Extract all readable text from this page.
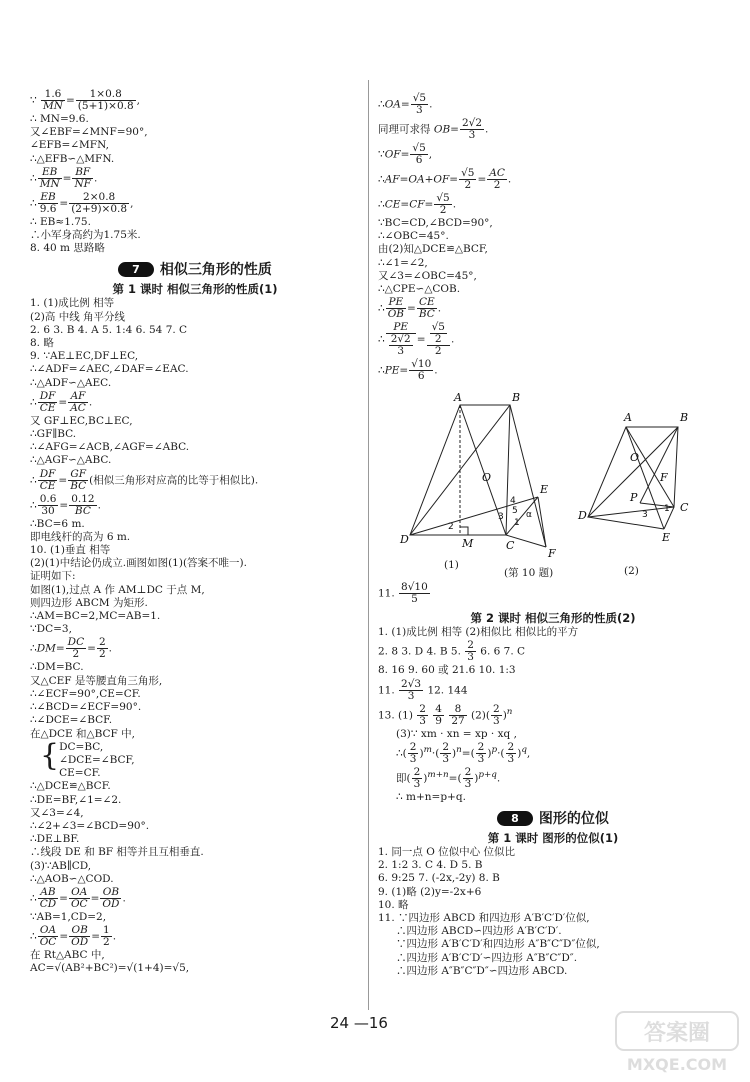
∵ $\frac{1.6}{MN} = \frac{1\times 0.8}{(5+1)\times 0.8}$ ,
∴ MN=9.6.
又∠EBF=∠MNF=90°,
∠EFB=∠MFN,
∴△EFB∽△MFN.
∴ $\frac{EB}{MN} = \frac{BF}{NF}$ .
∴ $\frac{EB}{9.6} = \frac{2\times 0.8}{(2+9)\times 0.8}$ ,
∴ EB≈1.75.
∴小军身高约为1.75米.
8. 40 m 思路略
7	相似三角形的性质
第 1 课时 相似三角形的性质(1)
1. (1)成比例 相等
(2)高 中线 角平分线
2. 6 3. B 4. A 5. 1:4 6. 54 7. C
8. 略
9. ∵AE⊥EC,DF⊥EC,
∴∠ADF=∠AEC,∠DAF=∠EAC.
∴△ADF∽△AEC.
∴ $\frac{DF}{CE} = \frac{AF}{AC}$ .
又 GF⊥EC,BC⊥EC,
∴GF∥BC.
∴∠AFG=∠ACB,∠AGF=∠ABC.
∴△AGF∽△ABC.
∴ $\frac{DF}{CE} = \frac{GF}{BC}$ (相似三角形对应高的比等于相似比).
∴ $\frac{0.6}{30} = \frac{0.12}{BC}$ .
∴BC=6 m.
即电线杆的高为 6 m.
10. (1)垂直 相等
(2)(1)中结论仍成立.画图如图(1)(答案不唯一).
证明如下:
如图(1),过点 A 作 AM⊥DC 于点 M,
则四边形 ABCM 为矩形.
∴AM=BC=2,MC=AB=1.
∵DC=3,
∴DM= $\frac{DC}{2} = \frac{2}{2}$ .
∴DM=BC.
又△CEF 是等腰直角三角形,
∴∠ECF=90°,CE=CF.
∴∠BCD=∠ECF=90°.
∴∠DCE=∠BCF.
在△DCE 和△BCF 中,
{ DC=BC,
∠DCE=∠BCF,
CE=CF.
∴△DCE≌△BCF.
∴DE=BF,∠1=∠2.
又∠3=∠4,
∴∠2+∠3=∠BCD=90°.
∴DE⊥BF.
∴线段 DE 和 BF 相等并且互相垂直.
(3)∵AB∥CD,
∴△AOB∽△COD.
∴ $\frac{AB}{CD} = \frac{OA}{OC} = \frac{OB}{OD}$ .
∵AB=1,CD=2,
∴ $\frac{OA}{OC} = \frac{OB}{OD} = \frac{1}{2}$ .
在 Rt△ABC 中,
AC=√(AB²+BC²)=√(1+4)=√5,
∴OA= $\frac{√5}{3}$ .
同理可求得 $OB= \frac{2√2}{3}$ .
∵OF= $\frac{√5}{6}$ ,
∴AF=OA+OF= $\frac{√5}{2} = \frac{AC}{2}$ .
∴CE=CF= $\frac{√5}{2}$ .
∵BC=CD,∠BCD=90°,
∴∠OBC=45°.
由(2)知△DCE≌△BCF,
∴∠1=∠2,
又∠3=∠OBC=45°,
∴△CPE∽△COB.
∴ $\frac{PE}{OB} = \frac{CE}{BC}$ .
∴ $\frac{PE}{\frac{2√2}{3}} = \frac{\frac{√5}{2}}{2}$ .
∴PE= $\frac{√10}{6}$ .
A	B
D	M	C
O
E
F
A	B
D
C
O
F
P
E
2
4
5
3
1
α	3
1
(1)	(2)
(第 10 题)
11. $\frac{8√10}{5}$
第 2 课时 相似三角形的性质(2)
1. (1)成比例 相等 (2)相似比 相似比的平方
2. 8 3. D 4. B 5. $\frac{2}{3} 6$. 6 7. C
8. 16 9. 60 或 21.6 10. 1:3
11. $\frac{2√3}{3} 12$. 144
13. $(1) \frac{2}{3}$
$\frac{4}{9}$
$\frac{8}{27} (2)( \frac{2}{3} )^n$
(3)∵ xm · xn = xp · xq ,
∴( $\frac{2}{3} )^m\cdot( \frac{2}{3} )^n=( \frac{2}{3} )^p\cdot( \frac{2}{3} )^q$,
即( $\frac{2}{3} )^{m+n}=( \frac{2}{3} )^{p+q}$.
∴ m+n=p+q.
8	图形的位似
第 1 课时 图形的位似(1)
1. 同一点 O 位似中心 位似比
2. 1:2 3. C 4. D 5. B
6. 9:25 7. (-2x,-2y) 8. B
9. (1)略 (2)y=-2x+6
10. 略
11. ∵四边形 ABCD 和四边形 A′B′C′D′位似,
∴四边形 ABCD∽四边形 A′B′C′D′.
∵四边形 A′B′C′D′和四边形 A″B″C″D″位似,
∴四边形 A′B′C′D′∽四边形 A″B″C″D″.
∴四边形 A″B″C″D″∽四边形 ABCD.
24 —16	答案圈
MXQE.COM
